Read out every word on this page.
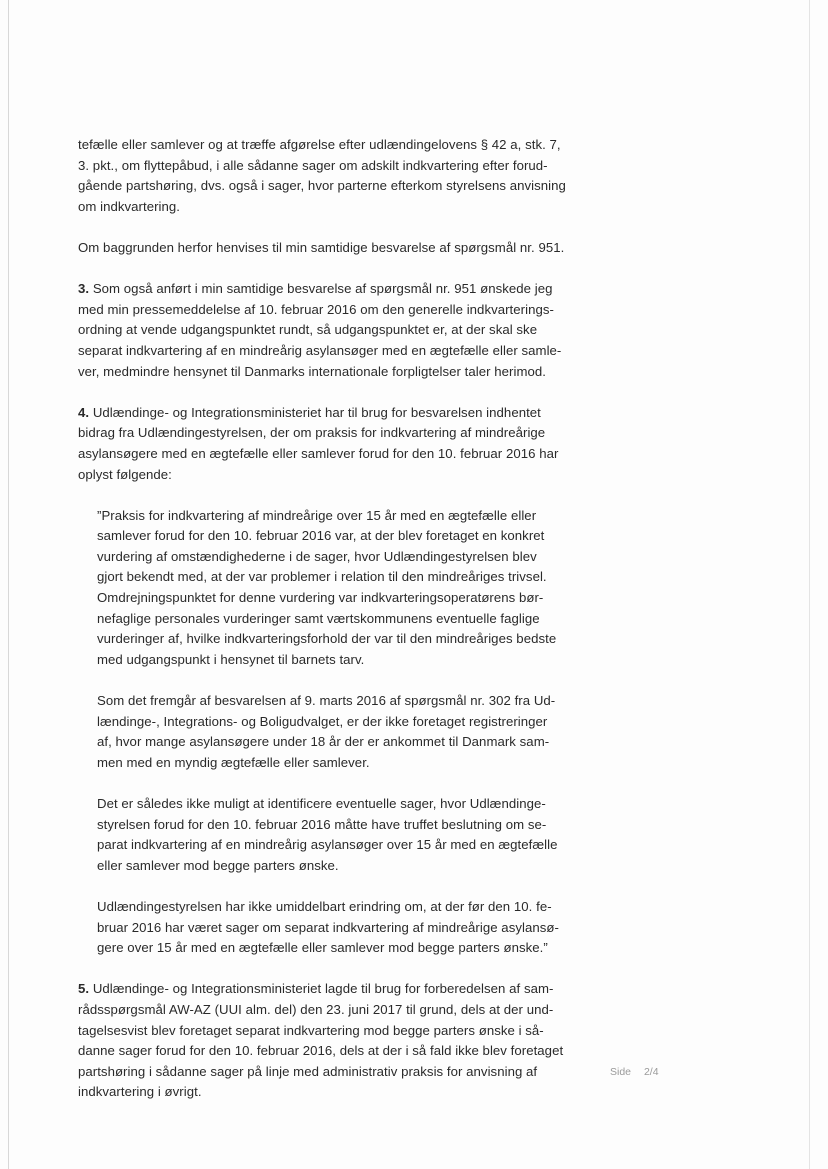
tefælle eller samlever og at træffe afgørelse efter udlændingelovens § 42 a, stk. 7,
3. pkt., om flyttepåbud, i alle sådanne sager om adskilt indkvartering efter forud-
gående partshøring, dvs. også i sager, hvor parterne efterkom styrelsens anvisning
om indkvartering.
Om baggrunden herfor henvises til min samtidige besvarelse af spørgsmål nr. 951.
3. Som også anført i min samtidige besvarelse af spørgsmål nr. 951 ønskede jeg
med min pressemeddelelse af 10. februar 2016 om den generelle indkvarterings-
ordning at vende udgangspunktet rundt, så udgangspunktet er, at der skal ske
separat indkvartering af en mindreårig asylansøger med en ægtefælle eller samle-
ver, medmindre hensynet til Danmarks internationale forpligtelser taler herimod.
4. Udlændinge- og Integrationsministeriet har til brug for besvarelsen indhentet
bidrag fra Udlændingestyrelsen, der om praksis for indkvartering af mindreårige
asylansøgere med en ægtefælle eller samlever forud for den 10. februar 2016 har
oplyst følgende:
”Praksis for indkvartering af mindreårige over 15 år med en ægtefælle eller
samlever forud for den 10. februar 2016 var, at der blev foretaget en konkret
vurdering af omstændighederne i de sager, hvor Udlændingestyrelsen blev
gjort bekendt med, at der var problemer i relation til den mindreåriges trivsel.
Omdrejningspunktet for denne vurdering var indkvarteringsoperatørens bør-
nefaglige personales vurderinger samt værtskommunens eventuelle faglige
vurderinger af, hvilke indkvarteringsforhold der var til den mindreåriges bedste
med udgangspunkt i hensynet til barnets tarv.
Som det fremgår af besvarelsen af 9. marts 2016 af spørgsmål nr. 302 fra Ud-
lændinge-, Integrations- og Boligudvalget, er der ikke foretaget registreringer
af, hvor mange asylansøgere under 18 år der er ankommet til Danmark sam-
men med en myndig ægtefælle eller samlever.
Det er således ikke muligt at identificere eventuelle sager, hvor Udlændinge-
styrelsen forud for den 10. februar 2016 måtte have truffet beslutning om se-
parat indkvartering af en mindreårig asylansøger over 15 år med en ægtefælle
eller samlever mod begge parters ønske.
Udlændingestyrelsen har ikke umiddelbart erindring om, at der før den 10. fe-
bruar 2016 har været sager om separat indkvartering af mindreårige asylansø-
gere over 15 år med en ægtefælle eller samlever mod begge parters ønske.”
5. Udlændinge- og Integrationsministeriet lagde til brug for forberedelsen af sam-
rådsspørgsmål AW-AZ (UUI alm. del) den 23. juni 2017 til grund, dels at der und-
tagelsesvist blev foretaget separat indkvartering mod begge parters ønske i så-
danne sager forud for den 10. februar 2016, dels at der i så fald ikke blev foretaget
partshøring i sådanne sager på linje med administrativ praksis for anvisning af
indkvartering i øvrigt.
Side 2/4
